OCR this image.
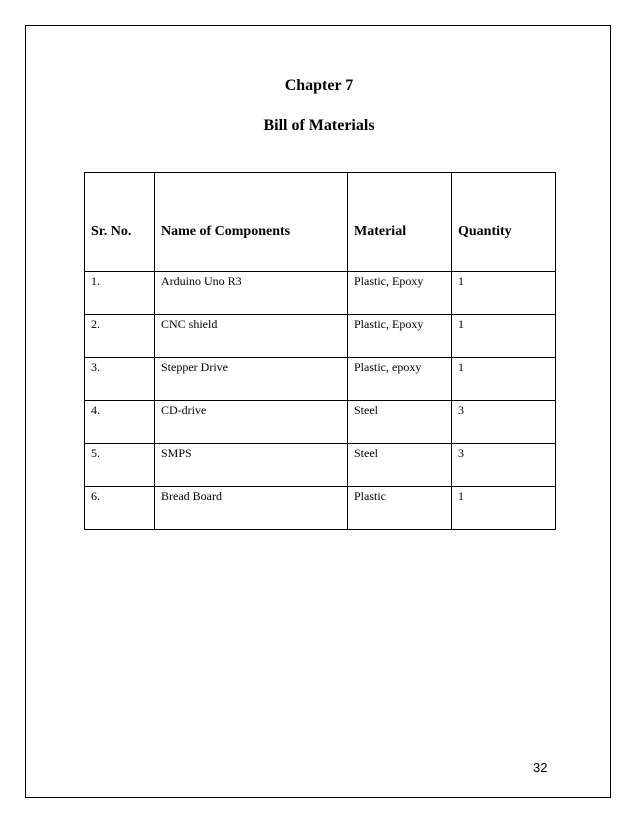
Chapter 7
Bill of Materials
Sr. No.	Name of Components	Material	Quantity
1.	Arduino Uno R3	Plastic, Epoxy	1
2.	CNC shield	Plastic, Epoxy	1
3.	Stepper Drive	Plastic, epoxy	1
4.	CD-drive	Steel	3
5.	SMPS	Steel	3
6.	Bread Board	Plastic	1

32
